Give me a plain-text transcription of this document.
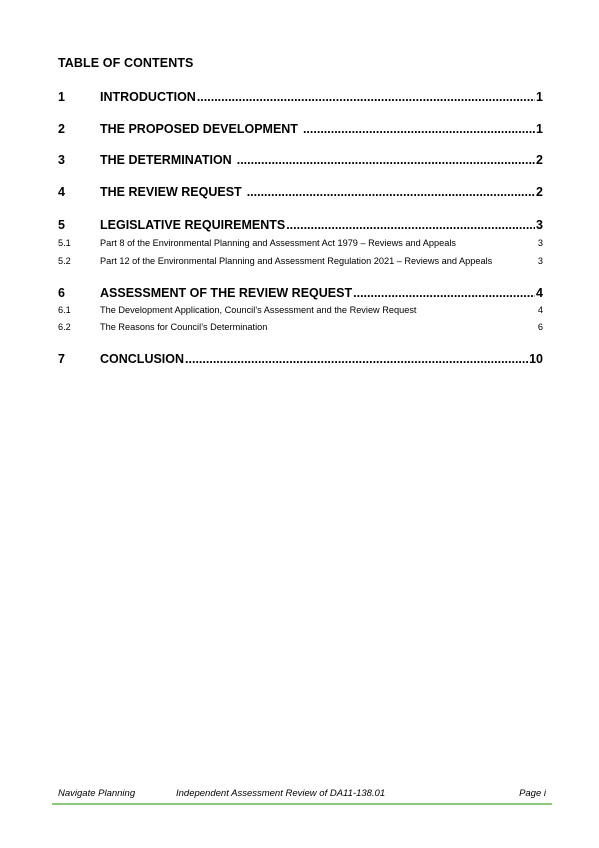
TABLE OF CONTENTS
1	INTRODUCTION .....	1
2	THE PROPOSED DEVELOPMENT .....	1
3	THE DETERMINATION .....	2
4	THE REVIEW REQUEST .....	2
5	LEGISLATIVE REQUIREMENTS .....	3
5.1	Part 8 of the Environmental Planning and Assessment Act 1979 – Reviews and Appeals	3
5.2	Part 12 of the Environmental Planning and Assessment Regulation 2021 – Reviews and Appeals	3
6	ASSESSMENT OF THE REVIEW REQUEST .....	4
6.1	The Development Application, Council’s Assessment and the Review Request	4
6.2	The Reasons for Council’s Determination	6
7	CONCLUSION .....	10
Navigate Planning	Independent Assessment Review of DA11-138.01	Page i
